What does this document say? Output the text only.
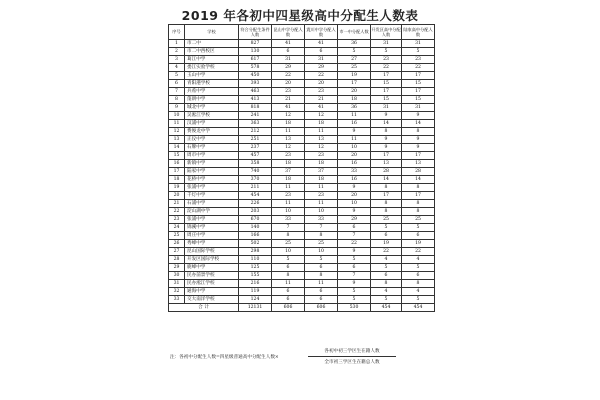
2019 年各初中四星级高中分配生人数表
序号	学校	符合分配生条件人数	昆山中学分配人数	震川中学分配人数	市一中分配人数	开发区高中分配人数	陆家高中分配人数
1	市二中	827	41	41	36	31	31
2	市二中西校区	130	6	6	5	5	5
3	葛江中学	617	31	31	27	23	23
4	娄江实验学校	578	29	29	25	22	22
5	玉山中学	450	22	22	19	17	17
6	青阳港学校	393	20	20	17	15	15
7	兵希中学	463	23	23	20	17	17
8	蓬朗中学	413	21	21	18	15	15
9	城北中学	818	41	41	36	31	31
10	吴淞江学校	241	12	12	11	9	9
11	汉浦中学	363	18	18	16	14	14
12	费俊龙中学	212	11	11	9	8	8
13	正仪中学	251	13	13	11	9	9
14	石牌中学	237	12	12	10	9	9
15	周市中学	457	23	23	20	17	17
16	新镇中学	358	18	18	16	13	13
17	陆家中学	740	37	37	33	28	28
18	花桥中学	370	18	18	16	14	14
19	张浦中学	211	11	11	9	8	8
20	千灯中学	454	23	23	20	17	17
21	石浦中学	226	11	11	10	8	8
22	淀山湖中学	203	10	10	9	8	8
23	张浦中学	670	33	33	29	25	25
24	锦溪中学	140	7	7	6	5	5
25	周庄中学	166	8	8	7	6	6
26	秀峰中学	502	25	25	22	19	19
27	昆山国际学校	298	10	10	9	22	22
28	开发区国际学校	110	5	5	5	4	4
29	鹿峰中学	125	6	6	6	5	5
30	民办前景学校	155	8	8	7	6	6
31	民办淞江学校	216	11	11	9	8	8
32	通海中学	119	6	6	5	4	4
33	交大南洋学校	124	6	6	5	5	5
合 计		12131	606	606	530	454	454
注：各初中分配生人数=四星级普通高中分配生人数×
各初中初三学区生在籍人数
全市初三学区生在籍总人数
